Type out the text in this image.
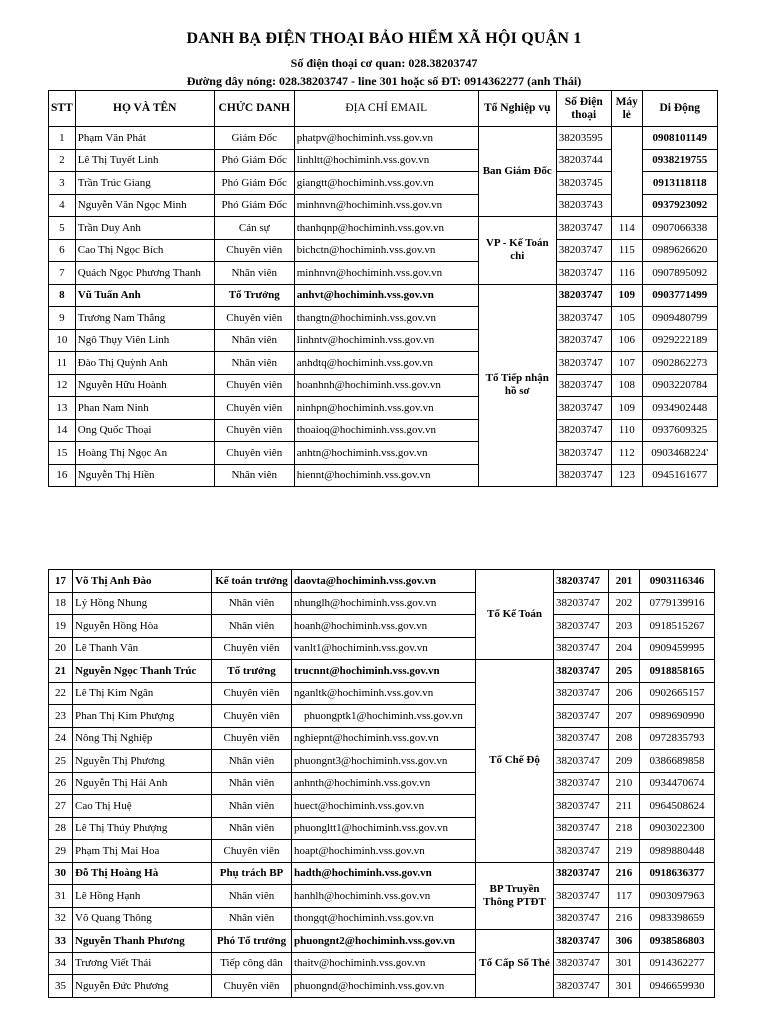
DANH BẠ ĐIỆN THOẠI BẢO HIỂM XÃ HỘI QUẬN 1
Số điện thoại cơ quan: 028.38203747
Đường dây nóng: 028.38203747 - line 301 hoặc số ĐT: 0914362277 (anh Thái)
STT	HỌ VÀ TÊN	CHỨC DANH	ĐỊA CHỈ EMAIL	Tổ Nghiệp vụ	Số Điện thoại	Máy lẻ	Di Động
1	Phạm Văn Phát	Giám Đốc	phatpv@hochiminh.vss.gov.vn	Ban Giám Đốc	38203595		0908101149
2	Lê Thị Tuyết Linh	Phó Giám Đốc	linhltt@hochiminh.vss.gov.vn		38203744		0938219755
3	Trần Trúc Giang	Phó Giám Đốc	giangtt@hochiminh.vss.gov.vn		38203745		0913118118
4	Nguyễn Văn Ngọc Minh	Phó Giám Đốc	minhnvn@hochiminh.vss.gov.vn		38203743		0937923092
5	Trần Duy Anh	Cán sự	thanhqnp@hochiminh.vss.gov.vn	VP - Kế Toán chi	38203747	114	0907066338
6	Cao Thị Ngọc Bích	Chuyên viên	bichctn@hochiminh.vss.gov.vn		38203747	115	0989626620
7	Quách Ngọc Phương Thanh	Nhân viên	minhnvn@hochiminh.vss.gov.vn		38203747	116	0907895092
8	Vũ Tuấn Anh	Tổ Trưởng	anhvt@hochiminh.vss.gov.vn	Tổ Tiếp nhận hồ sơ	38203747	109	0903771499
9	Trương Nam Thắng	Chuyên viên	thangtn@hochiminh.vss.gov.vn		38203747	105	0909480799
10	Ngô Thụy Viên Linh	Nhân viên	linhntv@hochiminh.vss.gov.vn		38203747	106	0929222189
11	Đào Thị Quỳnh Anh	Nhân viên	anhdtq@hochiminh.vss.gov.vn		38203747	107	0902862273
12	Nguyễn Hữu Hoành	Chuyên viên	hoanhnh@hochiminh.vss.gov.vn		38203747	108	0903220784
13	Phan Nam Ninh	Chuyên viên	ninhpn@hochiminh.vss.gov.vn		38203747	109	0934902448
14	Ong Quốc Thoại	Chuyên viên	thoaioq@hochiminh.vss.gov.vn		38203747	110	0937609325
15	Hoàng Thị Ngọc An	Chuyên viên	anhtn@hochiminh.vss.gov.vn		38203747	112	0903468224'
16	Nguyễn Thị Hiền	Nhân viên	hiennt@hochiminh.vss.gov.vn		38203747	123	0945161677
17	Võ Thị Anh Đào	Kế toán trưởng	daovta@hochiminh.vss.gov.vn	Tổ Kế Toán	38203747	201	0903116346
18	Lý Hồng Nhung	Nhân viên	nhunglh@hochiminh.vss.gov.vn		38203747	202	0779139916
19	Nguyễn Hồng Hòa	Nhân viên	hoanh@hochiminh.vss.gov.vn		38203747	203	0918515267
20	Lê Thanh Vân	Chuyên viên	vanlt1@hochiminh.vss.gov.vn		38203747	204	0909459995
21	Nguyễn Ngọc Thanh Trúc	Tổ trưởng	trucnnt@hochiminh.vss.gov.vn	Tổ Chế Độ	38203747	205	0918858165
22	Lê Thị Kim Ngân	Chuyên viên	nganltk@hochiminh.vss.gov.vn		38203747	206	0902665157
23	Phan Thị Kim Phượng	Chuyên viên	phuongptk1@hochiminh.vss.gov.vn		38203747	207	0989690990
24	Nông Thị Nghiệp	Chuyên viên	nghiepnt@hochiminh.vss.gov.vn		38203747	208	0972835793
25	Nguyễn Thị Phương	Nhân viên	phuongnt3@hochiminh.vss.gov.vn		38203747	209	0386689858
26	Nguyễn Thị Hải Anh	Nhân viên	anhnth@hochiminh.vss.gov.vn		38203747	210	0934470674
27	Cao Thị Huệ	Nhân viên	huect@hochiminh.vss.gov.vn		38203747	211	0964508624
28	Lê Thị Thúy Phượng	Nhân viên	phuongltt1@hochiminh.vss.gov.vn		38203747	218	0903022300
29	Phạm Thị Mai Hoa	Chuyên viên	hoapt@hochiminh.vss.gov.vn		38203747	219	0989880448
30	Đỗ Thị Hoàng Hà	Phụ trách BP	hadth@hochiminh.vss.gov.vn	BP Truyền Thông PTĐT	38203747	216	0918636377
31	Lê Hồng Hạnh	Nhân viên	hanhlh@hochiminh.vss.gov.vn		38203747	117	0903097963
32	Võ Quang Thông	Nhân viên	thongqt@hochiminh.vss.gov.vn		38203747	216	0983398659
33	Nguyễn Thanh Phương	Phó Tổ trưởng	phuongnt2@hochiminh.vss.gov.vn	Tổ Cấp Sổ Thẻ	38203747	306	0938586803
34	Trương Viết Thái	Tiếp công dân	thaitv@hochiminh.vss.gov.vn		38203747	301	0914362277
35	Nguyễn Đức Phương	Chuyên viên	phuongnd@hochiminh.vss.gov.vn		38203747	301	0946659930
